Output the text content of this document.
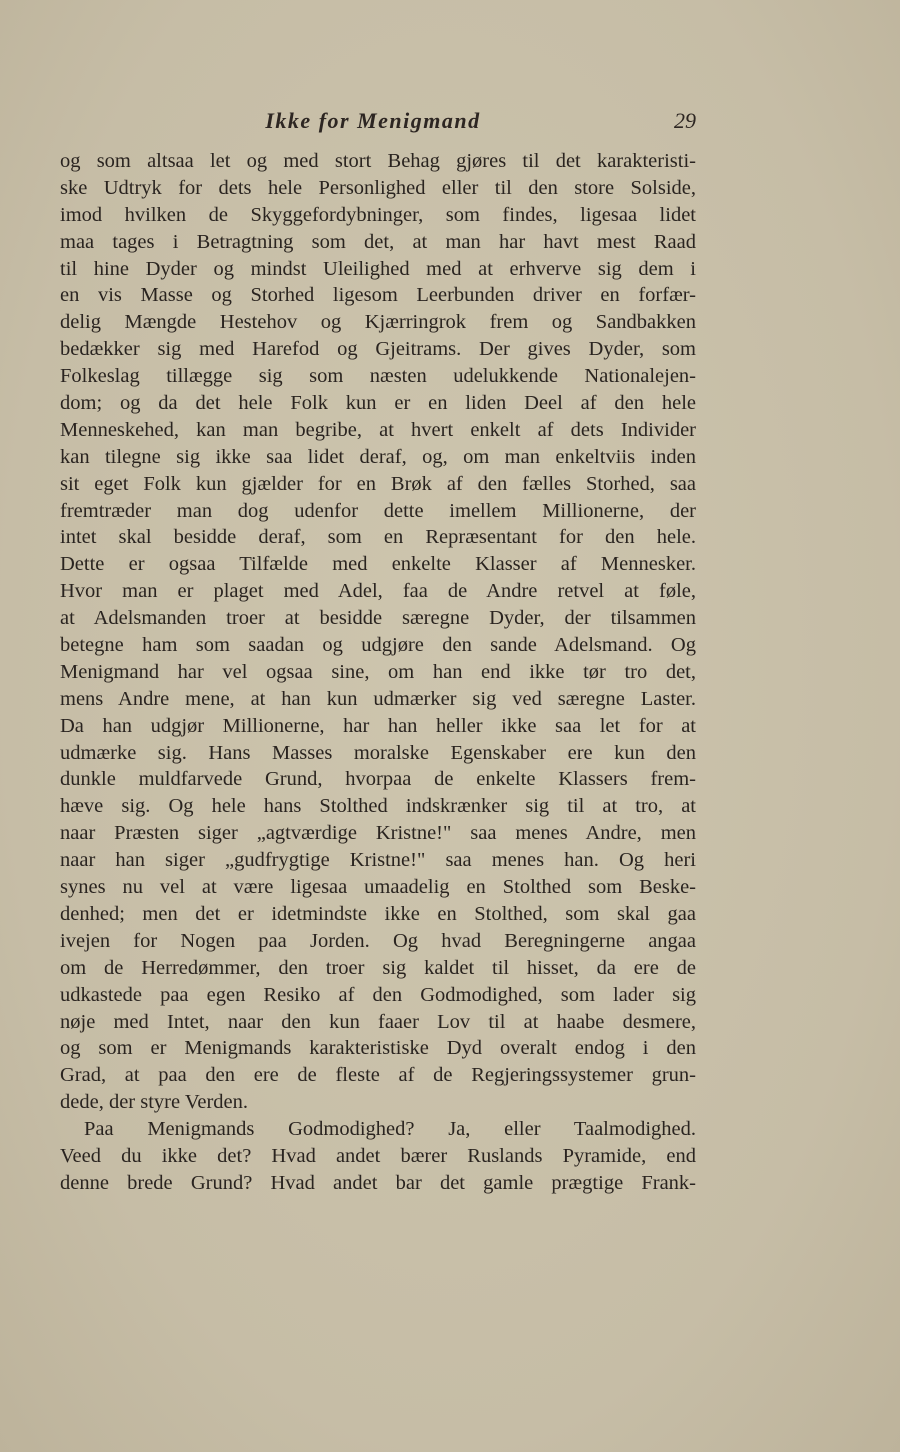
Ikke for Menigmand	29
og som altsaa let og med stort Behag gjøres til det karakteristi-
ske Udtryk for dets hele Personlighed eller til den store Solside,
imod hvilken de Skyggefordybninger, som findes, ligesaa lidet
maa tages i Betragtning som det, at man har havt mest Raad
til hine Dyder og mindst Uleilighed med at erhverve sig dem i
en vis Masse og Storhed ligesom Leerbunden driver en forfær-
delig Mængde Hestehov og Kjærringrok frem og Sandbakken
bedækker sig med Harefod og Gjeitrams. Der gives Dyder, som
Folkeslag tillægge sig som næsten udelukkende Nationalejen-
dom; og da det hele Folk kun er en liden Deel af den hele
Menneskehed, kan man begribe, at hvert enkelt af dets Individer
kan tilegne sig ikke saa lidet deraf, og, om man enkeltviis inden
sit eget Folk kun gjælder for en Brøk af den fælles Storhed, saa
fremtræder man dog udenfor dette imellem Millionerne, der
intet skal besidde deraf, som en Repræsentant for den hele.
Dette er ogsaa Tilfælde med enkelte Klasser af Mennesker.
Hvor man er plaget med Adel, faa de Andre retvel at føle,
at Adelsmanden troer at besidde særegne Dyder, der tilsammen
betegne ham som saadan og udgjøre den sande Adelsmand. Og
Menigmand har vel ogsaa sine, om han end ikke tør tro det,
mens Andre mene, at han kun udmærker sig ved særegne Laster.
Da han udgjør Millionerne, har han heller ikke saa let for at
udmærke sig. Hans Masses moralske Egenskaber ere kun den
dunkle muldfarvede Grund, hvorpaa de enkelte Klassers frem-
hæve sig. Og hele hans Stolthed indskrænker sig til at tro, at
naar Præsten siger „agtværdige Kristne!" saa menes Andre, men
naar han siger „gudfrygtige Kristne!" saa menes han. Og heri
synes nu vel at være ligesaa umaadelig en Stolthed som Beske-
denhed; men det er idetmindste ikke en Stolthed, som skal gaa
ivejen for Nogen paa Jorden. Og hvad Beregningerne angaa
om de Herredømmer, den troer sig kaldet til hisset, da ere de
udkastede paa egen Resiko af den Godmodighed, som lader sig
nøje med Intet, naar den kun faaer Lov til at haabe desmere,
og som er Menigmands karakteristiske Dyd overalt endog i den
Grad, at paa den ere de fleste af de Regjeringssystemer grun-
dede, der styre Verden.
Paa Menigmands Godmodighed? Ja, eller Taalmodighed.
Veed du ikke det? Hvad andet bærer Ruslands Pyramide, end
denne brede Grund? Hvad andet bar det gamle prægtige Frank-
